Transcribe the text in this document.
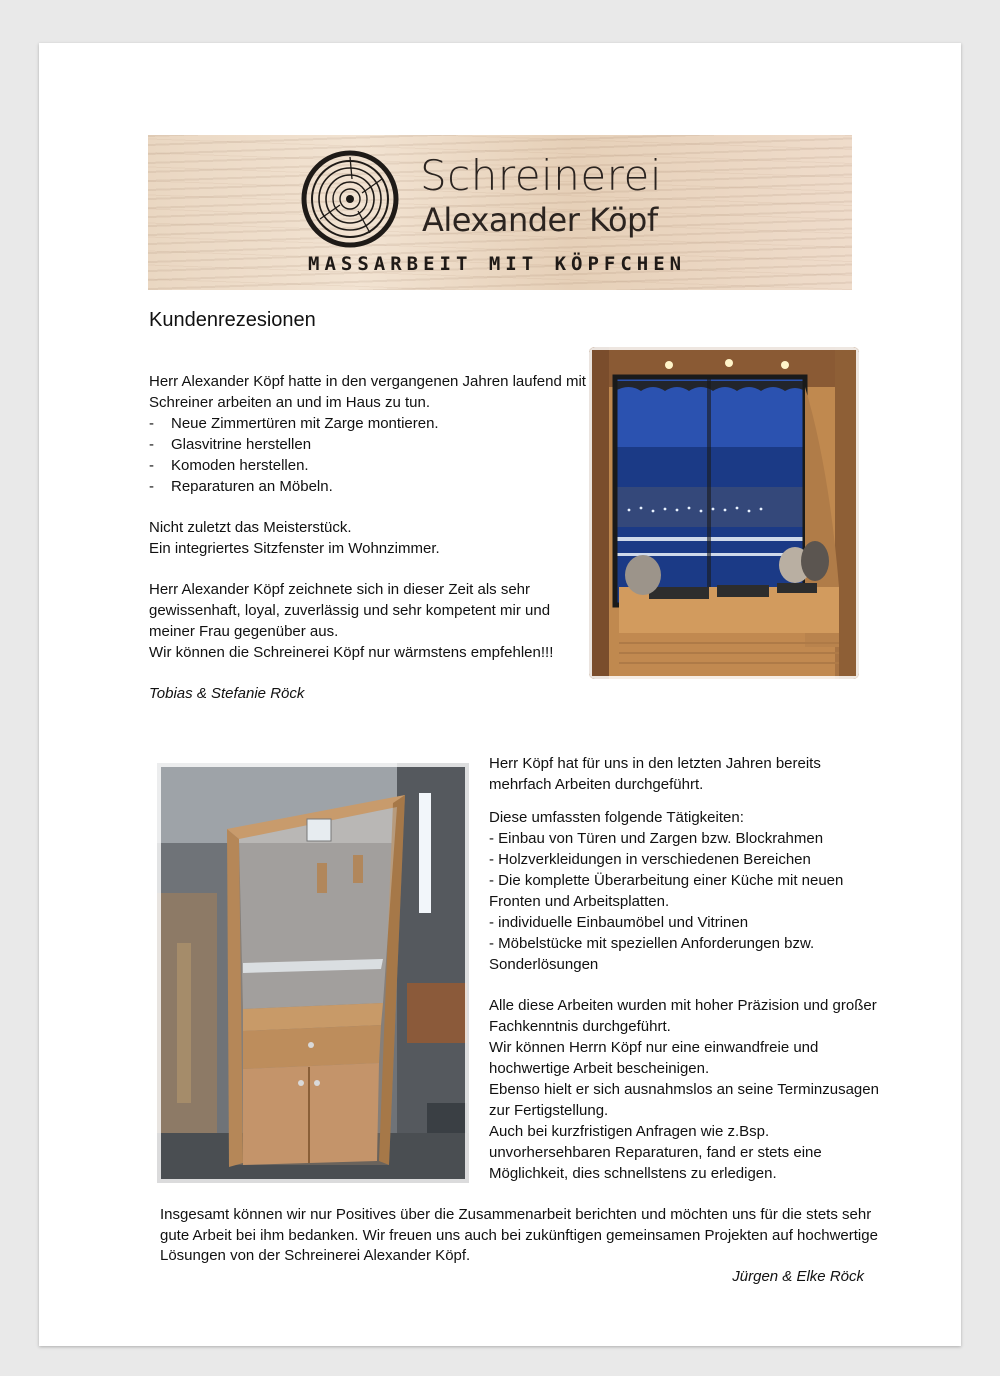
Schreinerei
Alexander Köpf
MASSARBEIT MIT KÖPFCHEN
Kundenrezesionen

Herr Alexander Köpf hatte in den vergangenen Jahren laufend mit Schreiner arbeiten an und im Haus zu tun.

- Neue Zimmertüren mit Zarge montieren.
- Glasvitrine herstellen
- Komoden herstellen.
- Reparaturen an Möbeln.

Nicht zuletzt das Meisterstück.

Ein integriertes Sitzfenster im Wohnzimmer.

Herr Alexander Köpf zeichnete sich in dieser Zeit als sehr gewissenhaft, loyal, zuverlässig und sehr kompetent mir und meiner Frau gegenüber aus.

Wir können die Schreinerei Köpf nur wärmstens empfehlen!!!

Tobias & Stefanie Röck

Herr Köpf hat für uns in den letzten Jahren bereits mehrfach Arbeiten durchgeführt.

Diese umfassten folgende Tätigkeiten:

- Einbau von Türen und Zargen bzw. Blockrahmen

- Holzverkleidungen in verschiedenen Bereichen

- Die komplette Überarbeitung einer Küche mit neuen Fronten und Arbeitsplatten.

- individuelle Einbaumöbel und Vitrinen

- Möbelstücke mit speziellen Anforderungen bzw. Sonderlösungen

Alle diese Arbeiten wurden mit hoher Präzision und großer Fachkenntnis durchgeführt.

Wir können Herrn Köpf nur eine einwandfreie und hochwertige Arbeit bescheinigen.

Ebenso hielt er sich ausnahmslos an seine Terminzusagen zur Fertigstellung.

Auch bei kurzfristigen Anfragen wie z.Bsp. unvorhersehbaren Reparaturen, fand er stets eine Möglichkeit, dies schnellstens zu erledigen.

Insgesamt können wir nur Positives über die Zusammenarbeit berichten und möchten uns für die stets sehr gute Arbeit bei ihm bedanken. Wir freuen uns auch bei zukünftigen gemeinsamen Projekten auf hochwertige Lösungen von der Schreinerei Alexander Köpf.

Jürgen & Elke Röck
